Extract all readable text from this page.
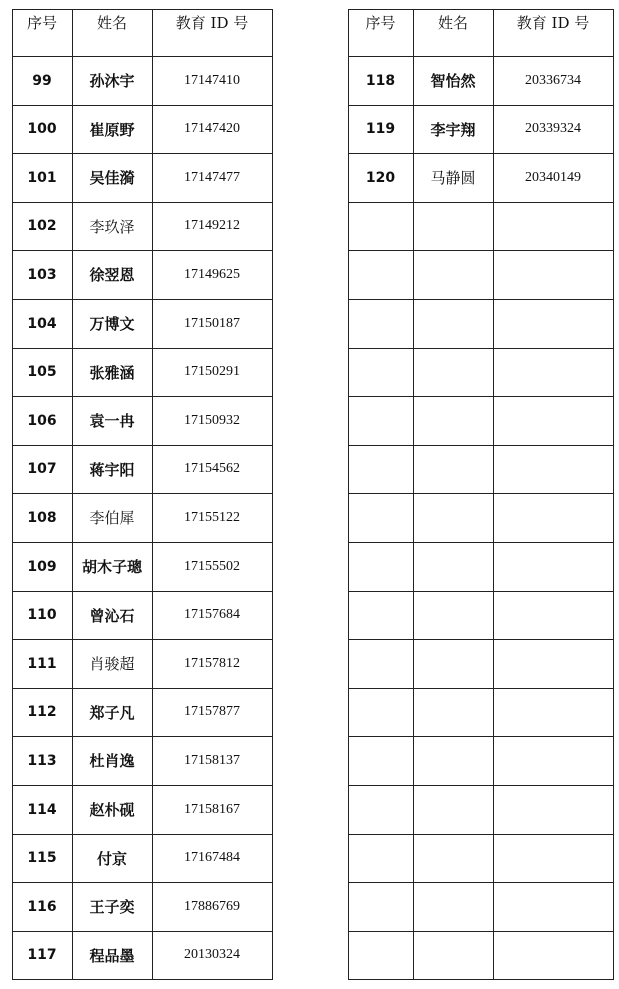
序号	姓名	教育 ID 号	序号	姓名	教育 ID 号
99	孙沐宇	17147410
100	崔原野	17147420
101	吴佳漪	17147477
102	李玖泽	17149212
103	徐翌恩	17149625
104	万博文	17150187
105	张雅涵	17150291
106	袁一冉	17150932
107	蒋宇阳	17154562
108	李伯犀	17155122
109	胡木子璁	17155502
110	曾沁石	17157684
111	肖骏超	17157812
112	郑子凡	17157877
113	杜肖逸	17158137
114	赵朴砚	17158167
115	付京	17167484
116	王子奕	17886769
117	程品墨	20130324
118	智怡然	20336734
119	李宇翔	20339324
120	马静圆	20340149
